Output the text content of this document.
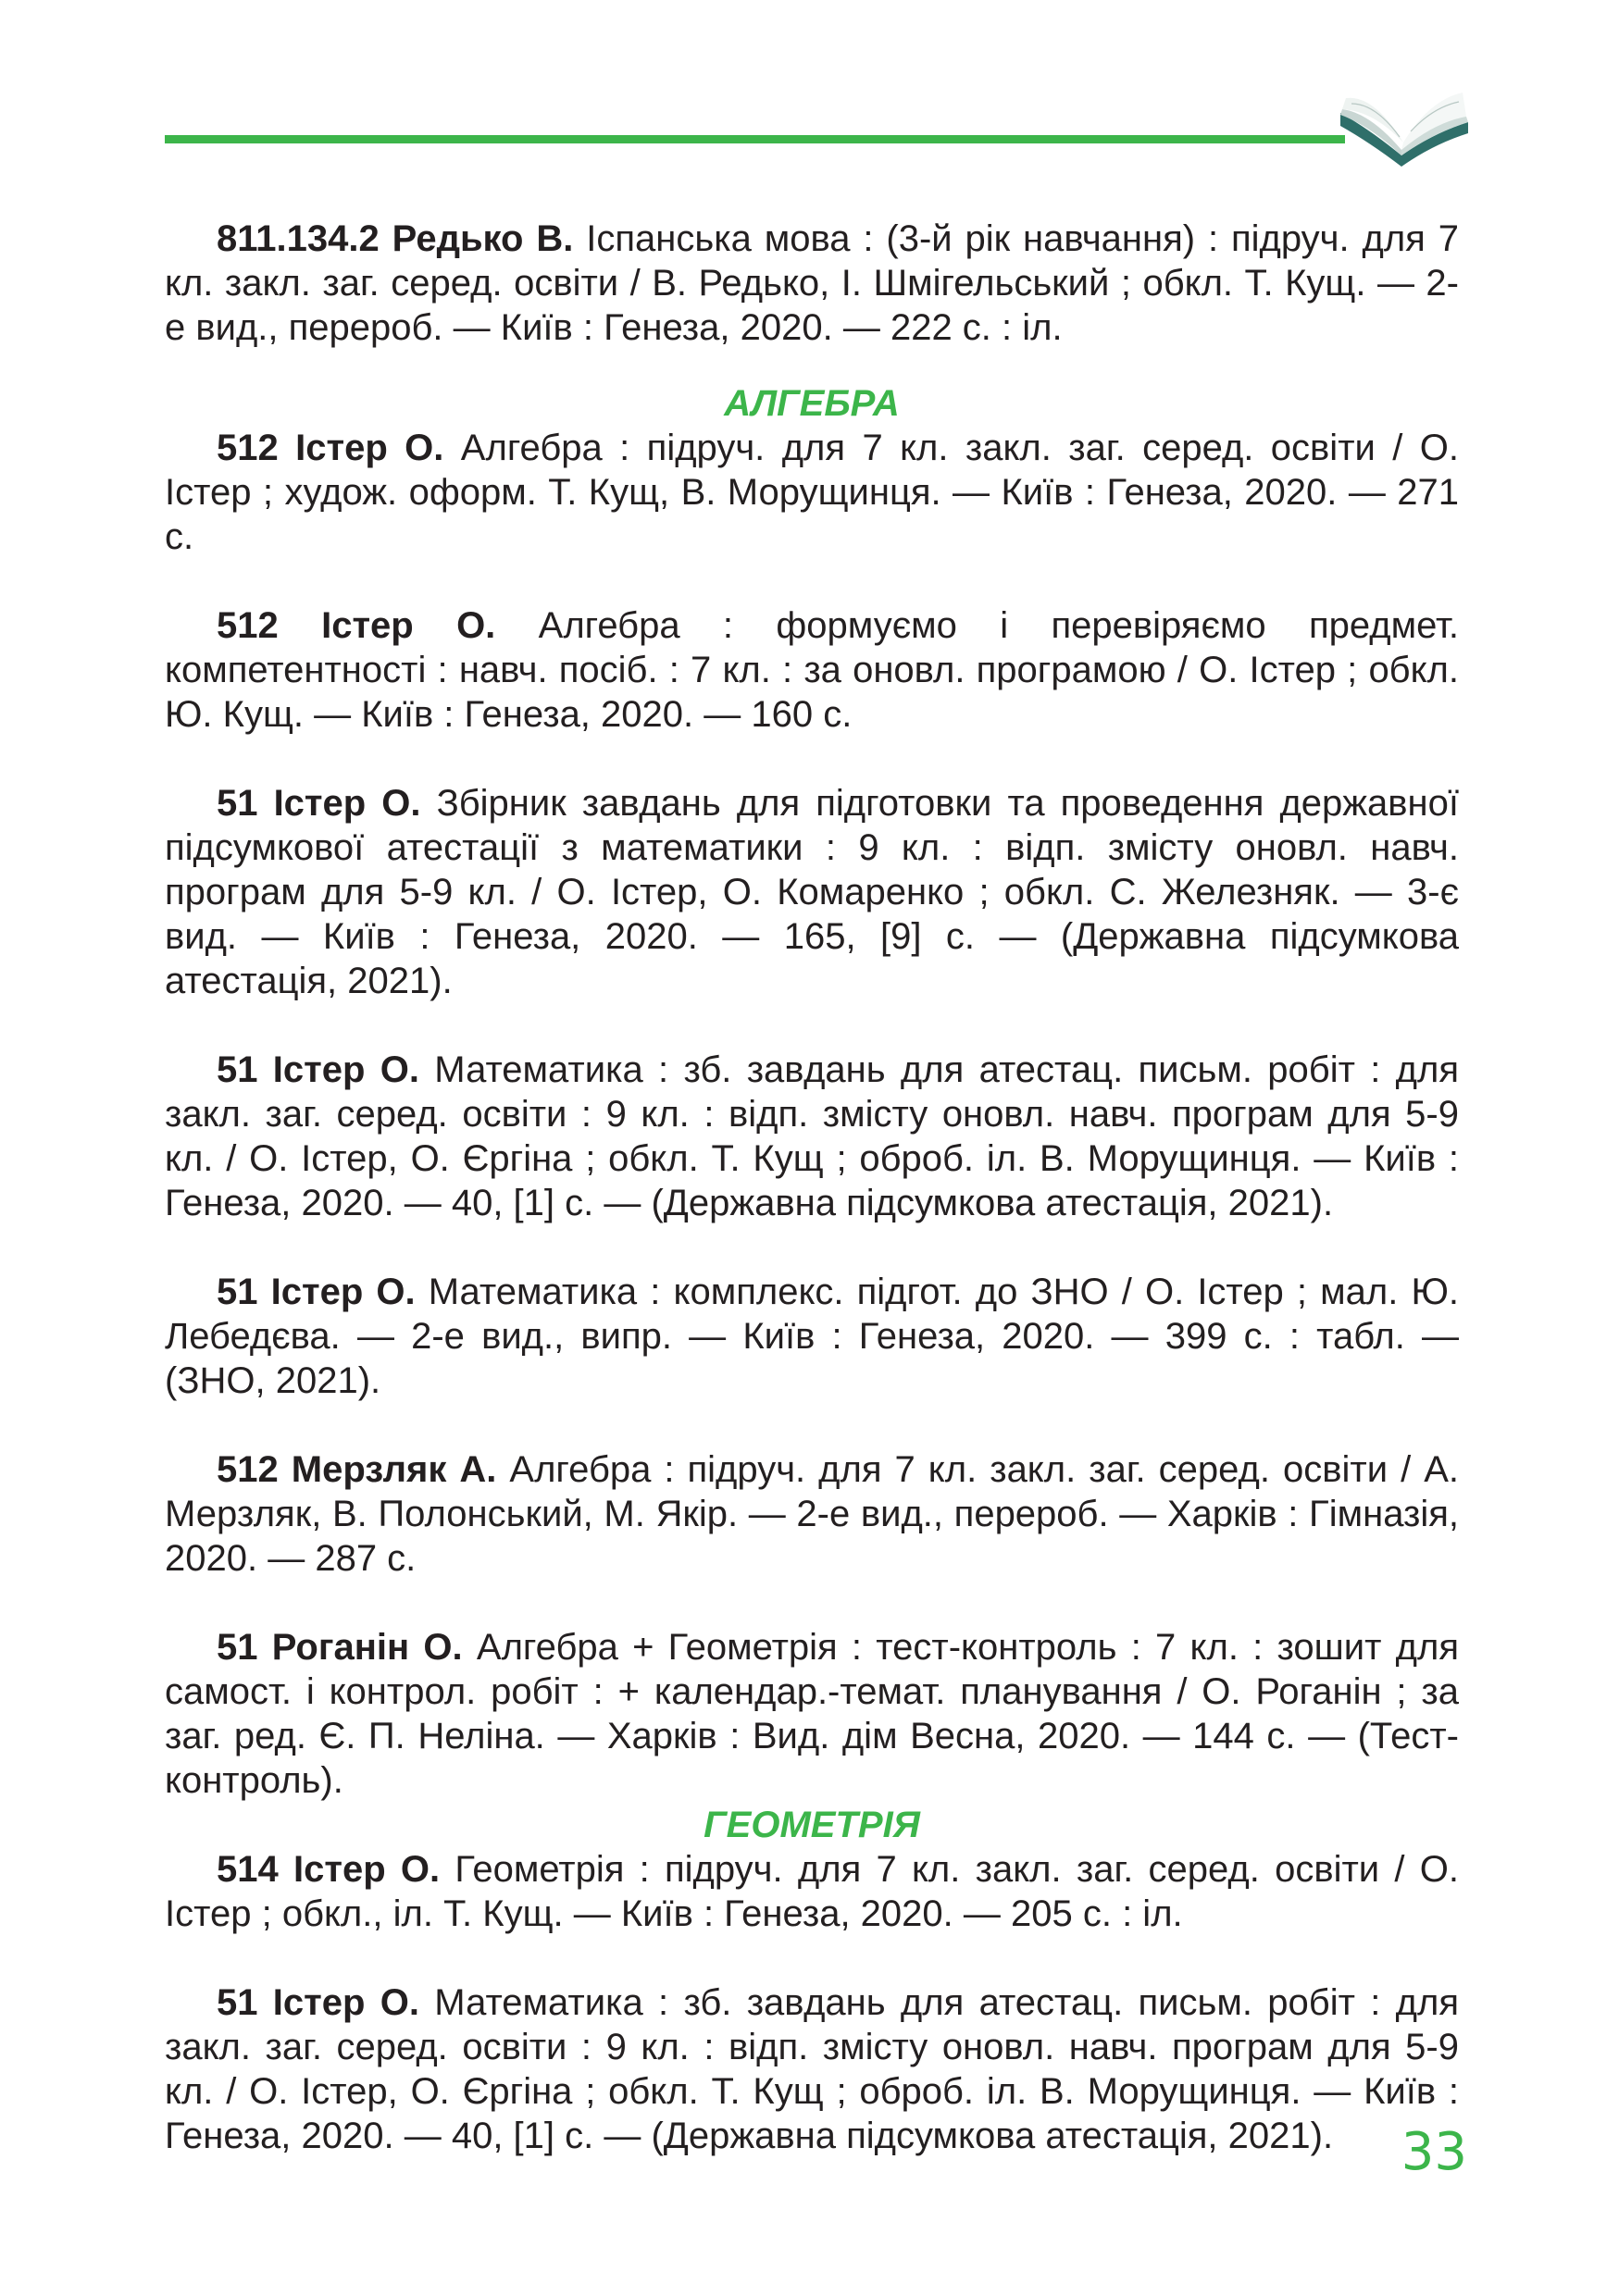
811.134.2 Редько В. Іспанська мова : (3-й рік навчання) : підруч. для 7 кл. закл. заг. серед. освіти / В. Редько, І. Шмігельський ; обкл. Т. Кущ. — 2-е вид., перероб. — Київ : Генеза, 2020. — 222 с. : іл.

АЛГЕБРА

512 Істер О. Алгебра : підруч. для 7 кл. закл. заг. серед. освіти / О. Істер ; худож. оформ. Т. Кущ, В. Морущинця. — Київ : Генеза, 2020. — 271 с.

512 Істер О. Алгебра : формуємо і перевіряємо предмет. компетентності : навч. посіб. : 7 кл. : за оновл. програмою / О. Істер ; обкл. Ю. Кущ. — Київ : Генеза, 2020. — 160 с.

51 Істер О. Збірник завдань для підготовки та проведення державної підсумкової атестації з математики : 9 кл. : відп. змісту оновл. навч. програм для 5-9 кл. / О. Істер, О. Комаренко ; обкл. С. Железняк. — 3-є вид. — Київ : Генеза, 2020. — 165, [9] с. — (Державна підсумкова атестація, 2021).

51 Істер О. Математика : зб. завдань для атестац. письм. робіт : для закл. заг. серед. освіти : 9 кл. : відп. змісту оновл. навч. програм для 5-9 кл. / О. Істер, О. Єргіна ; обкл. Т. Кущ ; оброб. іл. В. Морущинця. — Київ : Генеза, 2020. — 40, [1] с. — (Державна підсумкова атестація, 2021).

51 Істер О. Математика : комплекс. підгот. до ЗНО / О. Істер ; мал. Ю. Лебедєва. — 2-е вид., випр. — Київ : Генеза, 2020. — 399 с. : табл. — (ЗНО, 2021).

512 Мерзляк А. Алгебра : підруч. для 7 кл. закл. заг. серед. освіти / А. Мерзляк, В. Полонський, М. Якір. — 2-е вид., перероб. — Харків : Гімназія, 2020. — 287 с.

51 Роганін О. Алгебра + Геометрія : тест-контроль : 7 кл. : зошит для самост. і контрол. робіт : + календар.-темат. планування / О. Роганін ; за заг. ред. Є. П. Неліна. — Харків : Вид. дім Весна, 2020. — 144 с. — (Тест-контроль).

ГЕОМЕТРІЯ

514 Істер О. Геометрія : підруч. для 7 кл. закл. заг. серед. освіти / О. Істер ; обкл., іл. Т. Кущ. — Київ : Генеза, 2020. — 205 с. : іл.

51 Істер О. Математика : зб. завдань для атестац. письм. робіт : для закл. заг. серед. освіти : 9 кл. : відп. змісту оновл. навч. програм для 5-9 кл. / О. Істер, О. Єргіна ; обкл. Т. Кущ ; оброб. іл. В. Морущинця. — Київ : Генеза, 2020. — 40, [1] с. — (Державна підсумкова атестація, 2021).	33
